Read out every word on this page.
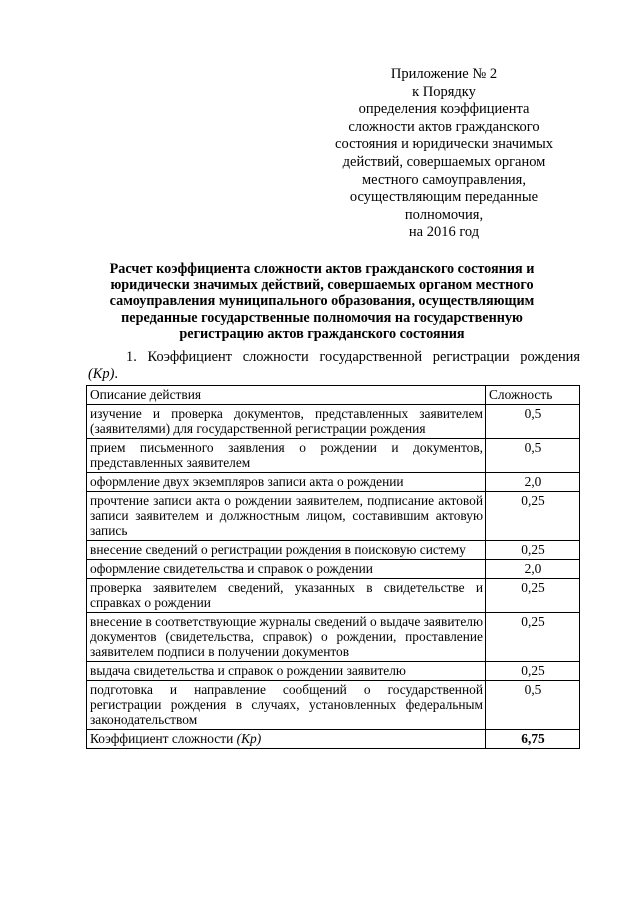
Приложение № 2
к Порядку
определения коэффициента
сложности актов гражданского
состояния и юридически значимых
действий, совершаемых органом
местного самоуправления,
осуществляющим переданные
полномочия,
на 2016 год
Расчет коэффициента сложности актов гражданского состояния и
юридически значимых действий, совершаемых органом местного
самоуправления муниципального образования, осуществляющим
переданные государственные полномочия на государственную
регистрацию актов гражданского состояния
1. Коэффициент сложности государственной регистрации рождения
(Kр).
Описание действия	Сложность
изучение и проверка документов, представленных заявителем (заявителями) для государственной регистрации рождения	0,5
прием письменного заявления о рождении и документов, представленных заявителем	0,5
оформление двух экземпляров записи акта о рождении	2,0
прочтение записи акта о рождении заявителем, подписание актовой записи заявителем и должностным лицом, составившим актовую запись	0,25
внесение сведений о регистрации рождения в поисковую систему	0,25
оформление свидетельства и справок о рождении	2,0
проверка заявителем сведений, указанных в свидетельстве и справках о рождении	0,25
внесение в соответствующие журналы сведений о выдаче заявителю документов (свидетельства, справок) о рождении, проставление заявителем подписи в получении документов	0,25
выдача свидетельства и справок о рождении заявителю	0,25
подготовка и направление сообщений о государственной регистрации рождения в случаях, установленных федеральным законодательством	0,5
Коэффициент сложности (Kр)	6,75
